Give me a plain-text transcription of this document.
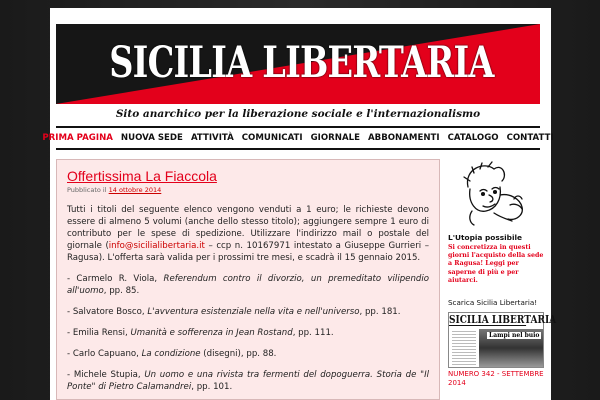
SICILIA LIBERTARIA
Sito anarchico per la liberazione sociale e l'internazionalismo
PRIMA PAGINA NUOVA SEDE ATTIVITÀ COMUNICATI GIORNALE ABBONAMENTI CATALOGO CONTATTI
Offertissima La Fiaccola
Pubblicato il 14 ottobre 2014

Tutti i titoli del seguente elenco vengono venduti a 1 euro; le richieste devono essere di almeno 5 volumi (anche dello stesso titolo); aggiungere sempre 1 euro di contributo per le spese di spedizione. Utilizzare l'indirizzo mail o postale del giornale (info@sicilialibertaria.it – ccp n. 10167971 intestato a Giuseppe Gurrieri – Ragusa). L'offerta sarà valida per i prossimi tre mesi, e scadrà il 15 gennaio 2015.

- Carmelo R. Viola, Referendum contro il divorzio, un premeditato vilipendio all'uomo, pp. 85.

- Salvatore Bosco, L'avventura esistenziale nella vita e nell'universo, pp. 181.

- Emilia Rensi, Umanità e sofferenza in Jean Rostand, pp. 111.

- Carlo Capuano, La condizione (disegni), pp. 88.

- Michele Stupia, Un uomo e una rivista tra fermenti del dopoguerra. Storia de "Il Ponte" di Pietro Calamandrei, pp. 101.

L'Utopia possibile
Si concretizza in questi giorni l'acquisto della sede a Ragusa! Leggi per saperne di più e per aiutarci.
Scarica Sicilia Libertaria!
SICILIA LIBERTARIA
Lampi nel buio
NUMERO 342 - SETTEMBRE 2014
